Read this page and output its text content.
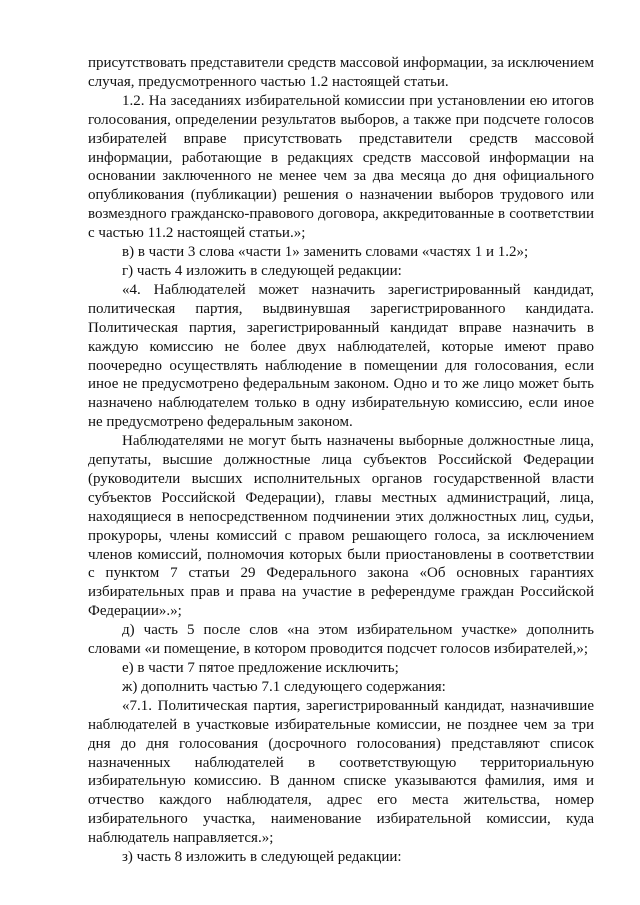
присутствовать представители средств массовой информации, за исключением случая, предусмотренного частью 1.2 настоящей статьи.

1.2. На заседаниях избирательной комиссии при установлении ею итогов голосования, определении результатов выборов, а также при подсчете голосов избирателей вправе присутствовать представители средств массовой информации, работающие в редакциях средств массовой информации на основании заключенного не менее чем за два месяца до дня официального опубликования (публикации) решения о назначении выборов трудового или возмездного гражданско-правового договора, аккредитованные в соответствии с частью 11.2 настоящей статьи.»;

в) в части 3 слова «части 1» заменить словами «частях 1 и 1.2»;

г) часть 4 изложить в следующей редакции:

«4. Наблюдателей может назначить зарегистрированный кандидат, политическая партия, выдвинувшая зарегистрированного кандидата. Политическая партия, зарегистрированный кандидат вправе назначить в каждую комиссию не более двух наблюдателей, которые имеют право поочередно осуществлять наблюдение в помещении для голосования, если иное не предусмотрено федеральным законом. Одно и то же лицо может быть назначено наблюдателем только в одну избирательную комиссию, если иное не предусмотрено федеральным законом.

Наблюдателями не могут быть назначены выборные должностные лица, депутаты, высшие должностные лица субъектов Российской Федерации (руководители высших исполнительных органов государственной власти субъектов Российской Федерации), главы местных администраций, лица, находящиеся в непосредственном подчинении этих должностных лиц, судьи, прокуроры, члены комиссий с правом решающего голоса, за исключением членов комиссий, полномочия которых были приостановлены в соответствии с пунктом 7 статьи 29 Федерального закона «Об основных гарантиях избирательных прав и права на участие в референдуме граждан Российской Федерации».»;

д) часть 5 после слов «на этом избирательном участке» дополнить словами «и помещение, в котором проводится подсчет голосов избирателей,»;

е) в части 7 пятое предложение исключить;

ж) дополнить частью 7.1 следующего содержания:

«7.1. Политическая партия, зарегистрированный кандидат, назначившие наблюдателей в участковые избирательные комиссии, не позднее чем за три дня до дня голосования (досрочного голосования) представляют список назначенных наблюдателей в соответствующую территориальную избирательную комиссию. В данном списке указываются фамилия, имя и отчество каждого наблюдателя, адрес его места жительства, номер избирательного участка, наименование избирательной комиссии, куда наблюдатель направляется.»;

з) часть 8 изложить в следующей редакции:
